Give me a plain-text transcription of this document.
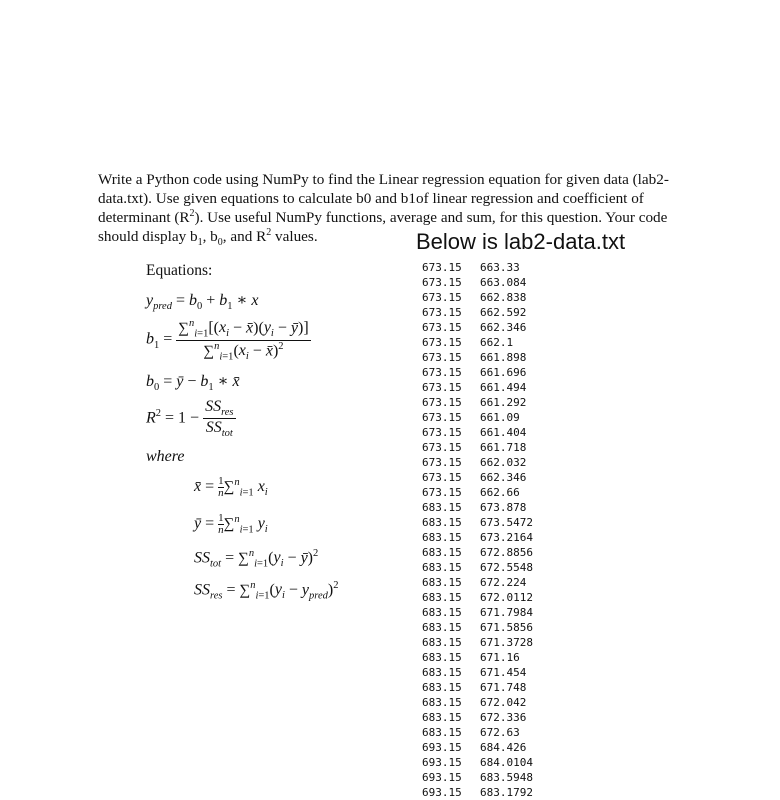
Write a Python code using NumPy to find the Linear regression equation for given data (lab2-data.txt). Use given equations to calculate b0 and b1of linear regression and coefficient of determinant $(R^2)$. Use useful NumPy functions, average and sum, for this question. Your code should display $b_1$, $b_0$, and $R^2$ values.	Below is lab2-data.txt
Equations:
$y_{pred} = b_0 + b_1$ ∗ x
$b_1 = \frac{\sum^n_{i=1}[(x_i - x̄)(y_i - ȳ)]}{\sum^n_{i=1}(x_i - x̄)^2}$
$b_0$ = ȳ − $b_1$ ∗ x̄
$R^2 = 1 - \frac{SS_{res}}{SS_{tot}}$
where
x̄ = $\frac{1}{n} \sum^n_{i=1}$ $x_i$
ȳ = $\frac{1}{n} \sum^n_{i=1}$ $y_i$
$SS_{tot} = \sum^n_{i=1}(y_i$ − ȳ)$^2$
$SS_{res} = \sum^n_{i=1}(y_i - y_{pred})^2$
673.15	663.33
673.15	663.084
673.15	662.838
673.15	662.592
673.15	662.346
673.15	662.1
673.15	661.898
673.15	661.696
673.15	661.494
673.15	661.292
673.15	661.09
673.15	661.404
673.15	661.718
673.15	662.032
673.15	662.346
673.15	662.66
683.15	673.878
683.15	673.5472
683.15	673.2164
683.15	672.8856
683.15	672.5548
683.15	672.224
683.15	672.0112
683.15	671.7984
683.15	671.5856
683.15	671.3728
683.15	671.16
683.15	671.454
683.15	671.748
683.15	672.042
683.15	672.336
683.15	672.63
693.15	684.426
693.15	684.0104
693.15	683.5948
693.15	683.1792
